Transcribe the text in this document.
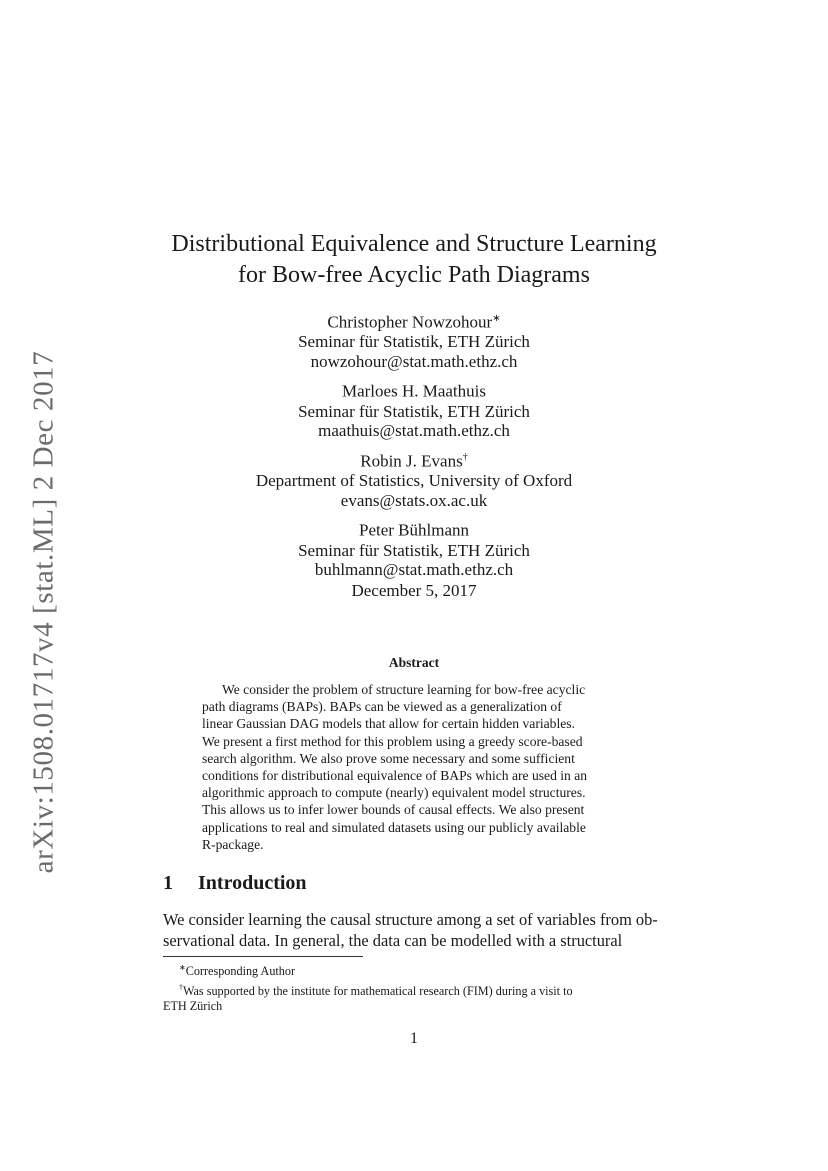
arXiv:1508.01717v4 [stat.ML] 2 Dec 2017
Distributional Equivalence and Structure Learning
for Bow-free Acyclic Path Diagrams
Christopher Nowzohour∗
Seminar für Statistik, ETH Zürich
nowzohour@stat.math.ethz.ch
Marloes H. Maathuis
Seminar für Statistik, ETH Zürich
maathuis@stat.math.ethz.ch
Robin J. Evans†
Department of Statistics, University of Oxford
evans@stats.ox.ac.uk
Peter Bühlmann
Seminar für Statistik, ETH Zürich
buhlmann@stat.math.ethz.ch
December 5, 2017
Abstract
We consider the problem of structure learning for bow-free acyclic
path diagrams (BAPs). BAPs can be viewed as a generalization of
linear Gaussian DAG models that allow for certain hidden variables.
We present a first method for this problem using a greedy score-based
search algorithm. We also prove some necessary and some sufficient
conditions for distributional equivalence of BAPs which are used in an
algorithmic approach to compute (nearly) equivalent model structures.
This allows us to infer lower bounds of causal effects. We also present
applications to real and simulated datasets using our publicly available
R-package.
1 Introduction
We consider learning the causal structure among a set of variables from ob-
servational data. In general, the data can be modelled with a structural
∗Corresponding Author
†Was supported by the institute for mathematical research (FIM) during a visit to
ETH Zürich
1
